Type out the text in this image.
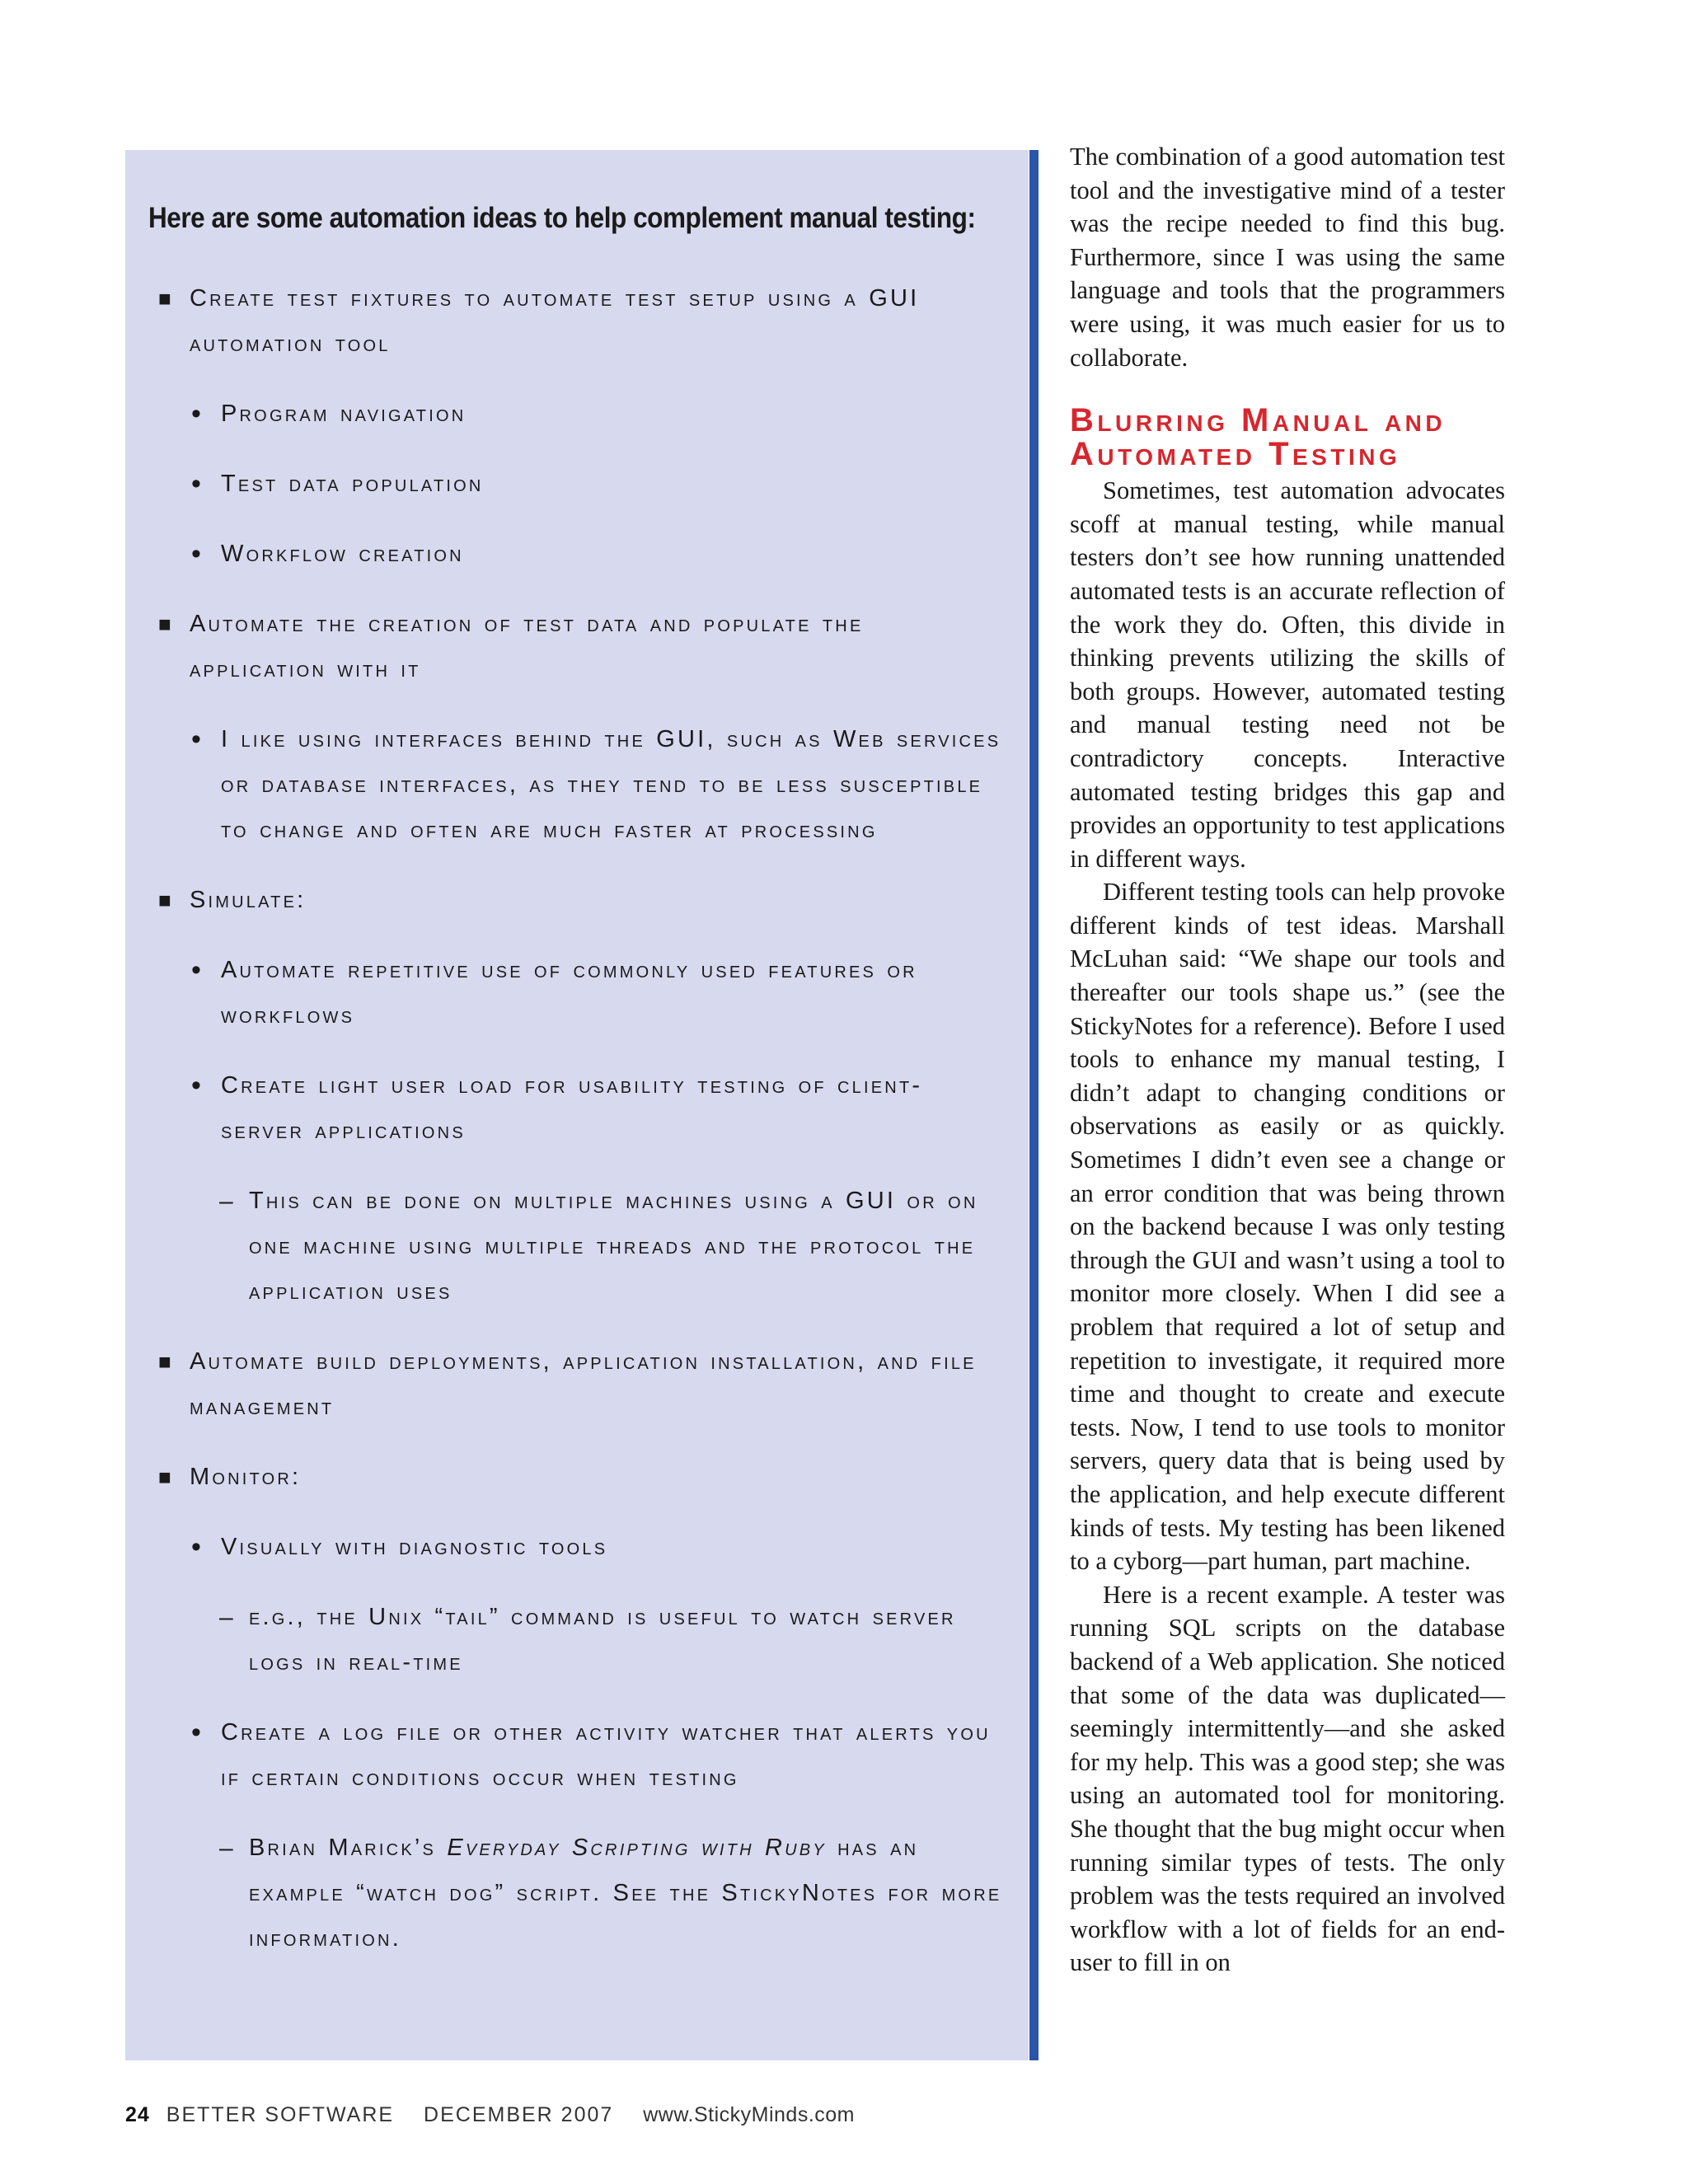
Here are some automation ideas to help complement manual testing:
■ Create test fixtures to automate test setup using a GUI automation tool
• Program navigation
• Test data population
• Workflow creation
■ Automate the creation of test data and populate the application with it
• I like using interfaces behind the GUI, such as Web services or database interfaces, as they tend to be less susceptible to change and often are much faster at processing
■ Simulate:
• Automate repetitive use of commonly used features or workflows
• Create light user load for usability testing of client-server applications
– This can be done on multiple machines using a GUI or on one machine using multiple threads and the protocol the application uses
■ Automate build deployments, application installation, and file management
■ Monitor:
• Visually with diagnostic tools
– e.g., the Unix “tail” command is useful to watch server logs in real-time
• Create a log file or other activity watcher that alerts you if certain conditions occur when testing
– Brian Marick’s Everyday Scripting with Ruby has an example “watch dog” script. See the StickyNotes for more information.

The combination of a good automation test tool and the investigative mind of a tester was the recipe needed to find this bug. Furthermore, since I was using the same language and tools that the programmers were using, it was much easier for us to collaborate.

Blurring Manual and Automated Testing

Sometimes, test automation advocates scoff at manual testing, while manual testers don’t see how running unattended automated tests is an accurate reflection of the work they do. Often, this divide in thinking prevents utilizing the skills of both groups. However, automated testing and manual testing need not be contradictory concepts. Interactive automated testing bridges this gap and provides an opportunity to test applications in different ways.

Different testing tools can help provoke different kinds of test ideas. Marshall McLuhan said: “We shape our tools and thereafter our tools shape us.” (see the StickyNotes for a reference). Before I used tools to enhance my manual testing, I didn’t adapt to changing conditions or observations as easily or as quickly. Sometimes I didn’t even see a change or an error condition that was being thrown on the backend because I was only testing through the GUI and wasn’t using a tool to monitor more closely. When I did see a problem that required a lot of setup and repetition to investigate, it required more time and thought to create and execute tests. Now, I tend to use tools to monitor servers, query data that is being used by the application, and help execute different kinds of tests. My testing has been likened to a cyborg—part human, part machine.

Here is a recent example. A tester was running SQL scripts on the database backend of a Web application. She noticed that some of the data was duplicated—seemingly intermittently—and she asked for my help. This was a good step; she was using an automated tool for monitoring. She thought that the bug might occur when running similar types of tests. The only problem was the tests required an involved workflow with a lot of fields for an end-user to fill in on

24 BETTER SOFTWARE DECEMBER 2007 www.StickyMinds.com
